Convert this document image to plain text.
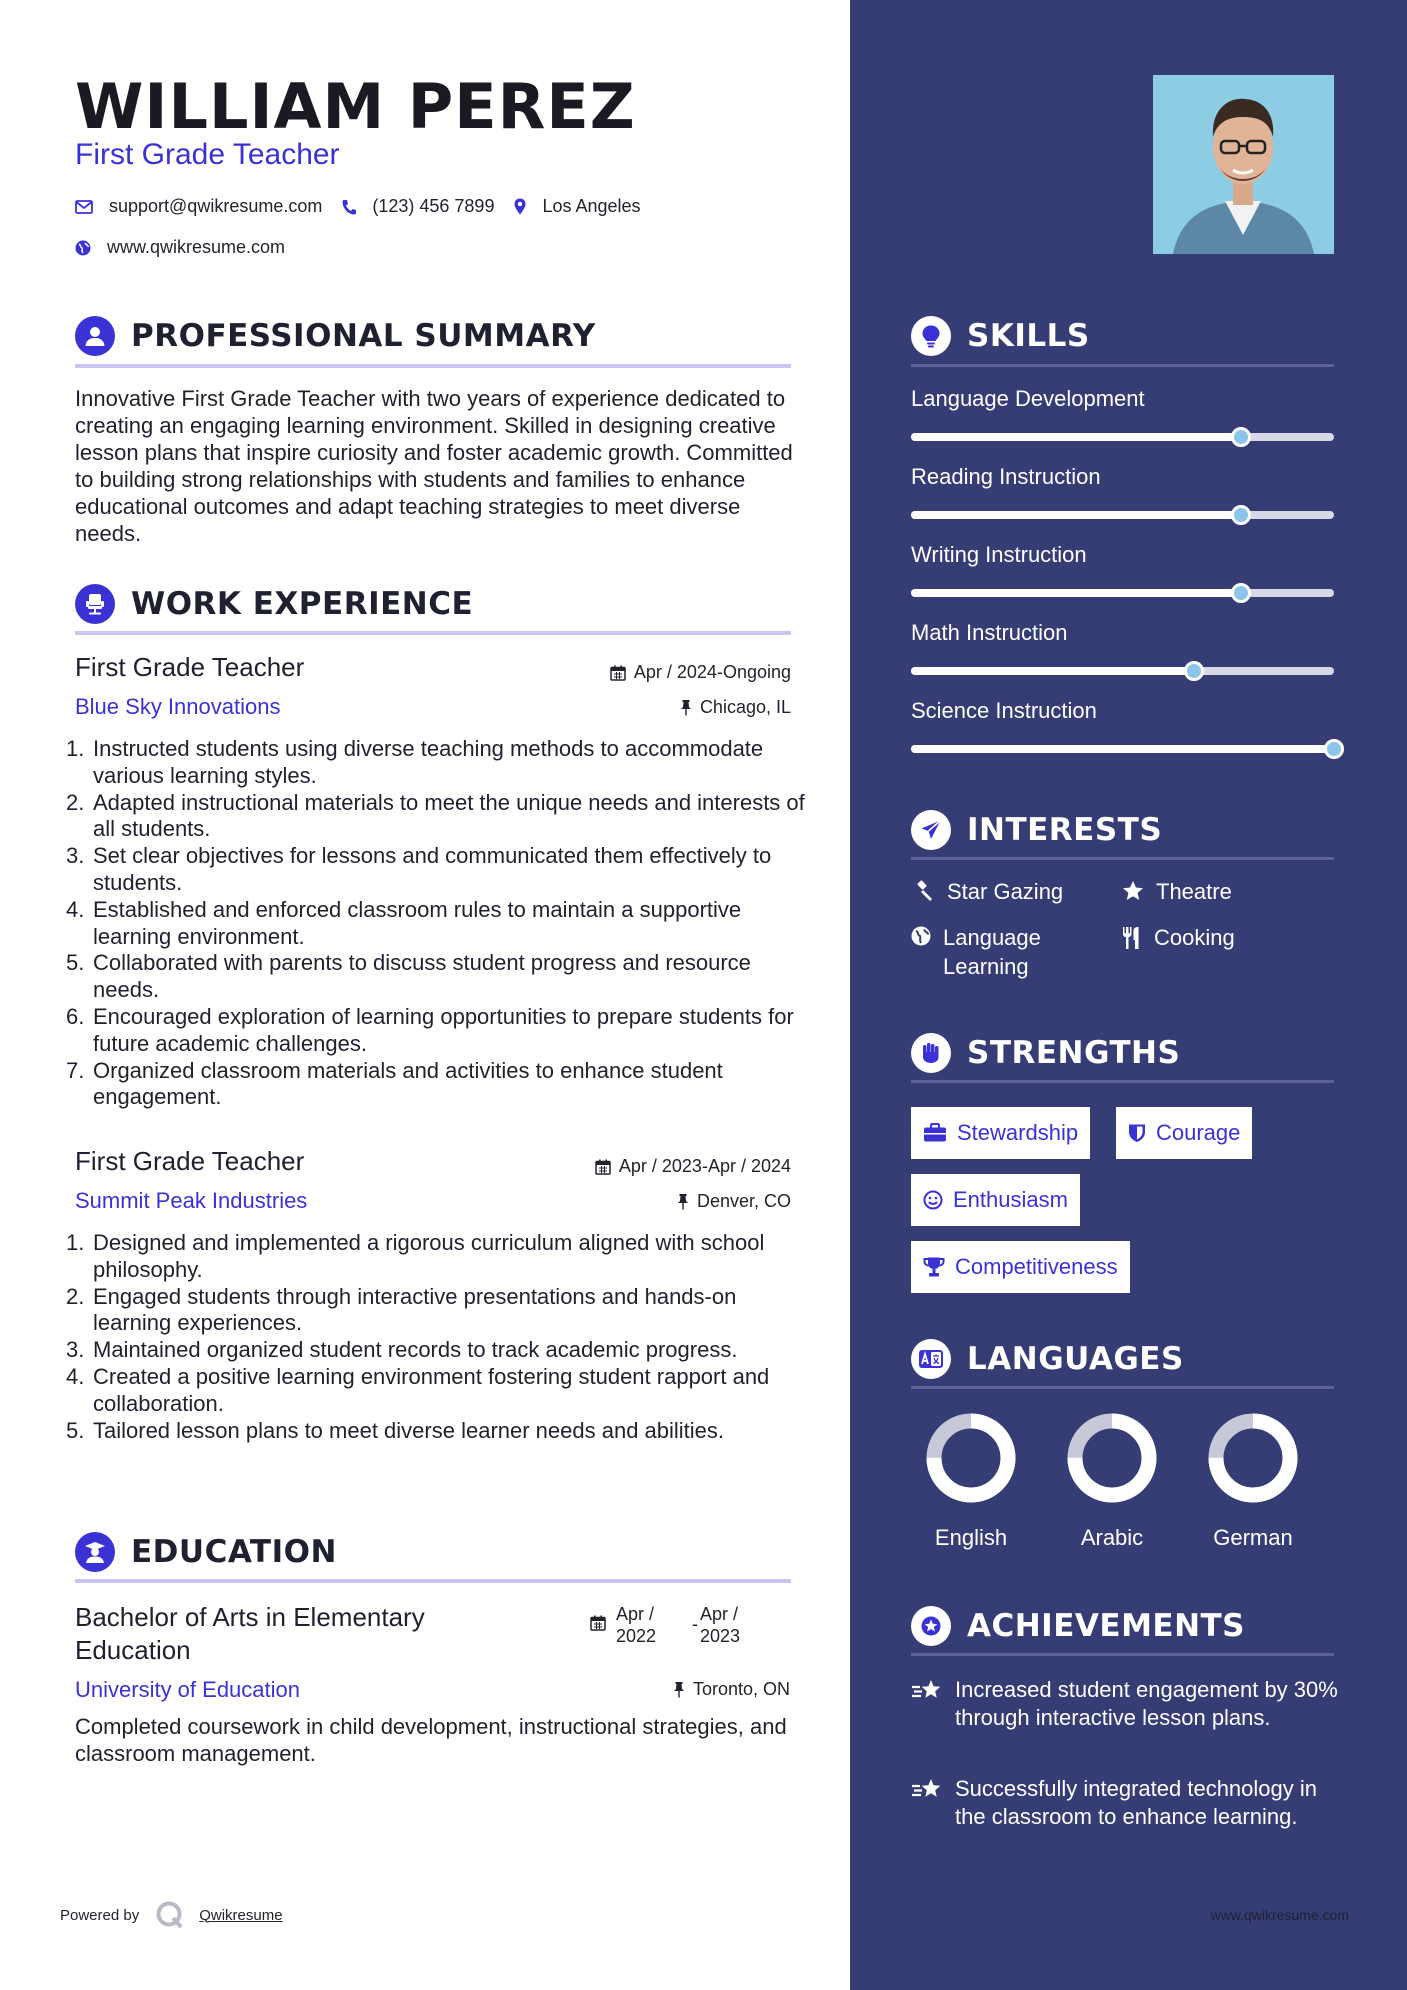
WILLIAM PEREZ
First Grade Teacher
support@qwikresume.com	(123) 456 7899	Los Angeles
www.qwikresume.com
PROFESSIONAL SUMMARY
Innovative First Grade Teacher with two years of experience dedicated to creating an engaging learning environment. Skilled in designing creative lesson plans that inspire curiosity and foster academic growth. Committed to building strong relationships with students and families to enhance educational outcomes and adapt teaching strategies to meet diverse needs.
WORK EXPERIENCE
First Grade Teacher	Apr / 2024-Ongoing
Blue Sky Innovations	Chicago, IL
1. Instructed students using diverse teaching methods to accommodate various learning styles.
2. Adapted instructional materials to meet the unique needs and interests of all students.
3. Set clear objectives for lessons and communicated them effectively to students.
4. Established and enforced classroom rules to maintain a supportive learning environment.
5. Collaborated with parents to discuss student progress and resource needs.
6. Encouraged exploration of learning opportunities to prepare students for future academic challenges.
7. Organized classroom materials and activities to enhance student engagement.
First Grade Teacher	Apr / 2023-Apr / 2024
Summit Peak Industries	Denver, CO
1. Designed and implemented a rigorous curriculum aligned with school philosophy.
2. Engaged students through interactive presentations and hands-on learning experiences.
3. Maintained organized student records to track academic progress.
4. Created a positive learning environment fostering student rapport and collaboration.
5. Tailored lesson plans to meet diverse learner needs and abilities.
EDUCATION
Bachelor of Arts in Elementary
Education
Apr /
2022
- Apr /
2023
University of Education	Toronto, ON
Completed coursework in child development, instructional strategies, and classroom management.
Powered by	Qwikresume
SKILLS
Language Development
Reading Instruction
Writing Instruction
Math Instruction
Science Instruction
INTERESTS
Star Gazing	Theatre
Language Learning
Cooking
STRENGTHS
Stewardship	Courage
Enthusiasm
Competitiveness
LANGUAGES
English	Arabic	German
ACHIEVEMENTS
Increased student engagement by 30% through interactive lesson plans.
Successfully integrated technology in the classroom to enhance learning.
www.qwikresume.com
